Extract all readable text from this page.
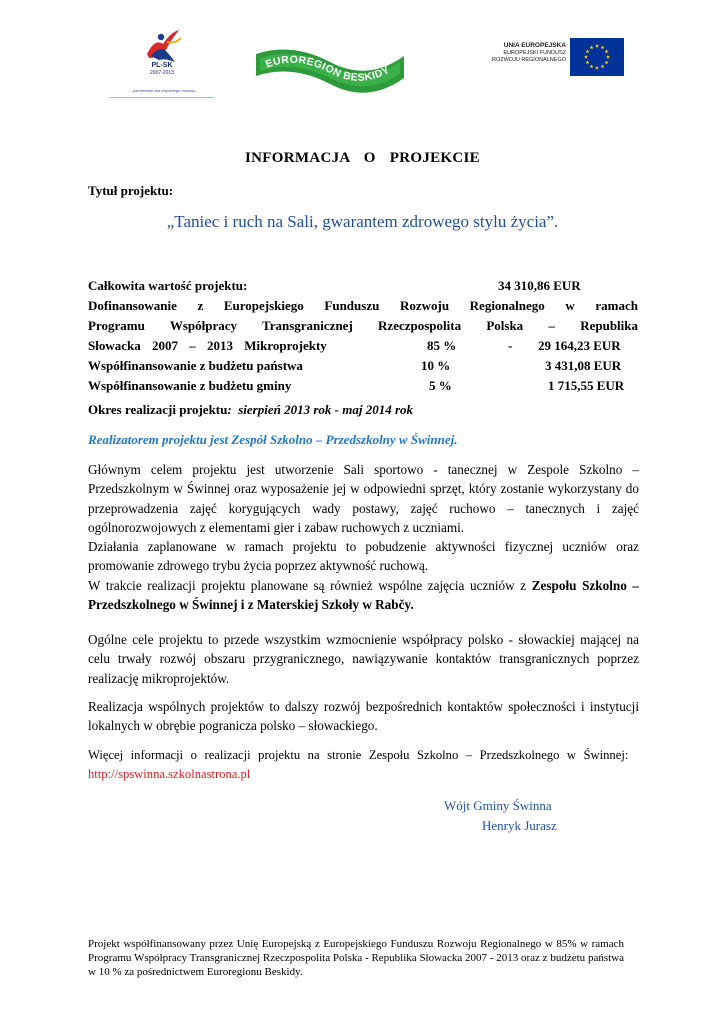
PL-SK
2007-2013
...partnerstwo dla wspólnego rozwoju...
EUROREGION BESKIDY
UNIA EUROPEJSKA
EUROPEJSKI FUNDUSZ
ROZWOJU REGIONALNEGO
INFORMACJA O PROJEKCIE
Tytuł projektu:
„Taniec i ruch na Sali, gwarantem zdrowego stylu życia”.
Całkowita wartość projektu:	34 310,86 EUR
Dofinansowanie z Europejskiego Funduszu Rozwoju Regionalnego w ramach
Programu Współpracy Transgranicznej Rzeczpospolita Polska – Republika
Słowacka 2007 – 2013 Mikroprojekty	85 %	- 29 164,23 EUR
Współfinansowanie z budżetu państwa	10 %	3 431,08 EUR
Współfinansowanie z budżetu gminy	5 %	1 715,55 EUR
Okres realizacji projektu: sierpień 2013 rok - maj 2014 rok
Realizatorem projektu jest Zespół Szkolno – Przedszkolny w Świnnej.
Głównym celem projektu jest utworzenie Sali sportowo - tanecznej w Zespole Szkolno – Przedszkolnym w Świnnej oraz wyposażenie jej w odpowiedni sprzęt, który zostanie wykorzystany do przeprowadzenia zajęć korygujących wady postawy, zajęć ruchowo – tanecznych i zajęć ogólnorozwojowych z elementami gier i zabaw ruchowych z uczniami.
Działania zaplanowane w ramach projektu to pobudzenie aktywności fizycznej uczniów oraz promowanie zdrowego trybu życia poprzez aktywność ruchową.
W trakcie realizacji projektu planowane są również wspólne zajęcia uczniów z Zespołu Szkolno – Przedszkolnego w Świnnej i z Materskiej Szkoły w Rabčy.
Ogólne cele projektu to przede wszystkim wzmocnienie współpracy polsko - słowackiej mającej na celu trwały rozwój obszaru przygranicznego, nawiązywanie kontaktów transgranicznych poprzez realizację mikroprojektów.
Realizacja wspólnych projektów to dalszy rozwój bezpośrednich kontaktów społeczności i instytucji lokalnych w obrębie pogranicza polsko – słowackiego.
Więcej informacji o realizacji projektu na stronie Zespołu Szkolno – Przedszkolnego w Świnnej:   http://spswinna.szkolnastrona.pl
Wójt Gminy Świnna
Henryk Jurasz
Projekt współfinansowany przez Unię Europejską z Europejskiego Funduszu Rozwoju Regionalnego w 85% w ramach Programu Współpracy Transgranicznej Rzeczpospolita Polska - Republika Słowacka 2007 - 2013 oraz z budżetu państwa w 10 % za pośrednictwem Euroregionu Beskidy.
